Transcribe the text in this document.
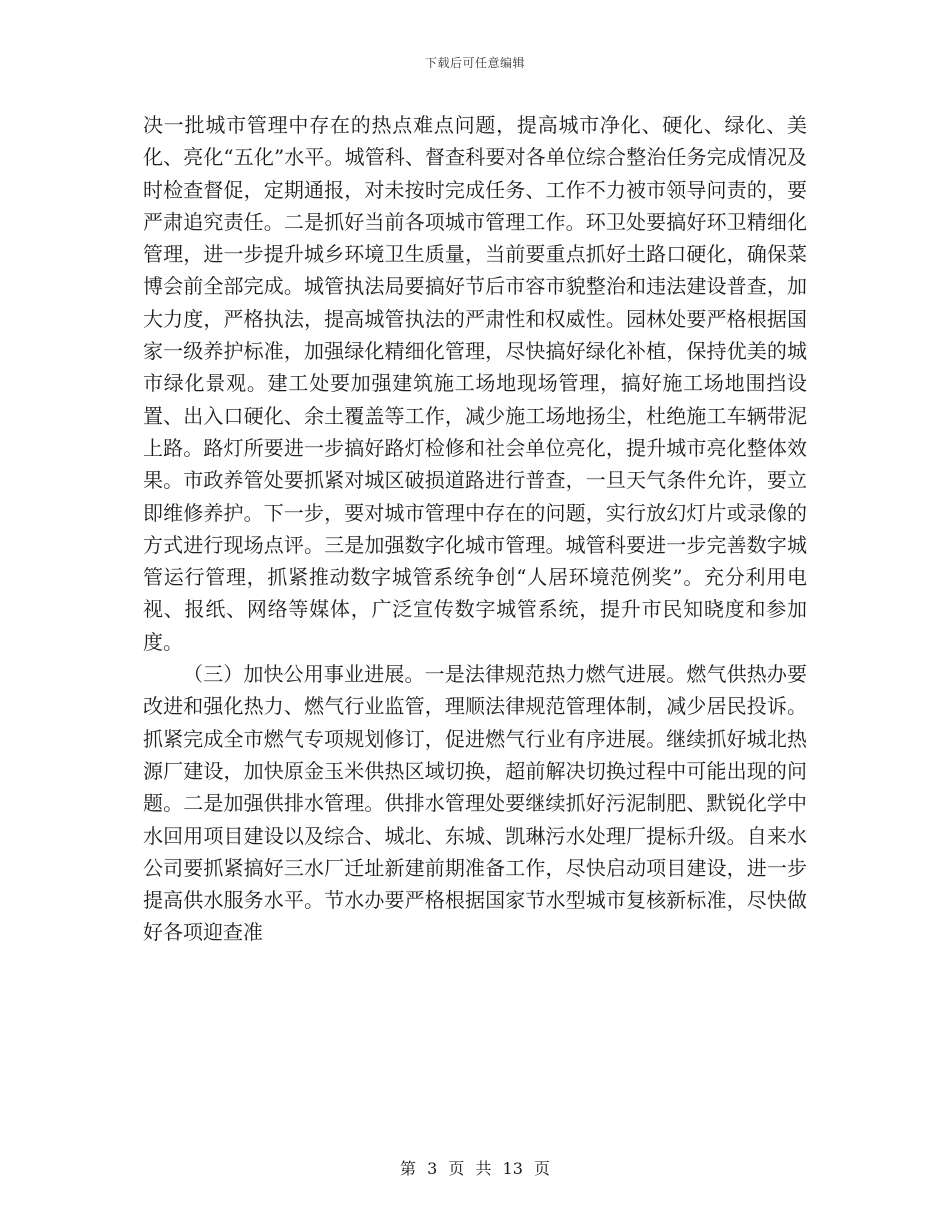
下载后可任意编辑

决一批城市管理中存在的热点难点问题，提高城市净化、硬化、绿化、美化、亮化“五化”水平。城管科、督查科要对各单位综合整治任务完成情况及时检查督促，定期通报，对未按时完成任务、工作不力被市领导问责的，要严肃追究责任。二是抓好当前各项城市管理工作。环卫处要搞好环卫精细化管理，进一步提升城乡环境卫生质量，当前要重点抓好土路口硬化，确保菜博会前全部完成。城管执法局要搞好节后市容市貌整治和违法建设普查，加大力度，严格执法，提高城管执法的严肃性和权威性。园林处要严格根据国家一级养护标准，加强绿化精细化管理，尽快搞好绿化补植，保持优美的城市绿化景观。建工处要加强建筑施工场地现场管理，搞好施工场地围挡设置、出入口硬化、余土覆盖等工作，减少施工场地扬尘，杜绝施工车辆带泥上路。路灯所要进一步搞好路灯检修和社会单位亮化，提升城市亮化整体效果。市政养管处要抓紧对城区破损道路进行普查，一旦天气条件允许，要立即维修养护。下一步，要对城市管理中存在的问题，实行放幻灯片或录像的方式进行现场点评。三是加强数字化城市管理。城管科要进一步完善数字城管运行管理，抓紧推动数字城管系统争创“人居环境范例奖”。充分利用电视、报纸、网络等媒体，广泛宣传数字城管系统，提升市民知晓度和参加度。

（三）加快公用事业进展。一是法律规范热力燃气进展。燃气供热办要改进和强化热力、燃气行业监管，理顺法律规范管理体制，减少居民投诉。抓紧完成全市燃气专项规划修订，促进燃气行业有序进展。继续抓好城北热源厂建设，加快原金玉米供热区域切换，超前解决切换过程中可能出现的问题。二是加强供排水管理。供排水管理处要继续抓好污泥制肥、默锐化学中水回用项目建设以及综合、城北、东城、凯琳污水处理厂提标升级。自来水公司要抓紧搞好三水厂迁址新建前期准备工作，尽快启动项目建设，进一步提高供水服务水平。节水办要严格根据国家节水型城市复核新标准，尽快做好各项迎查准

第 3 页 共 13 页
